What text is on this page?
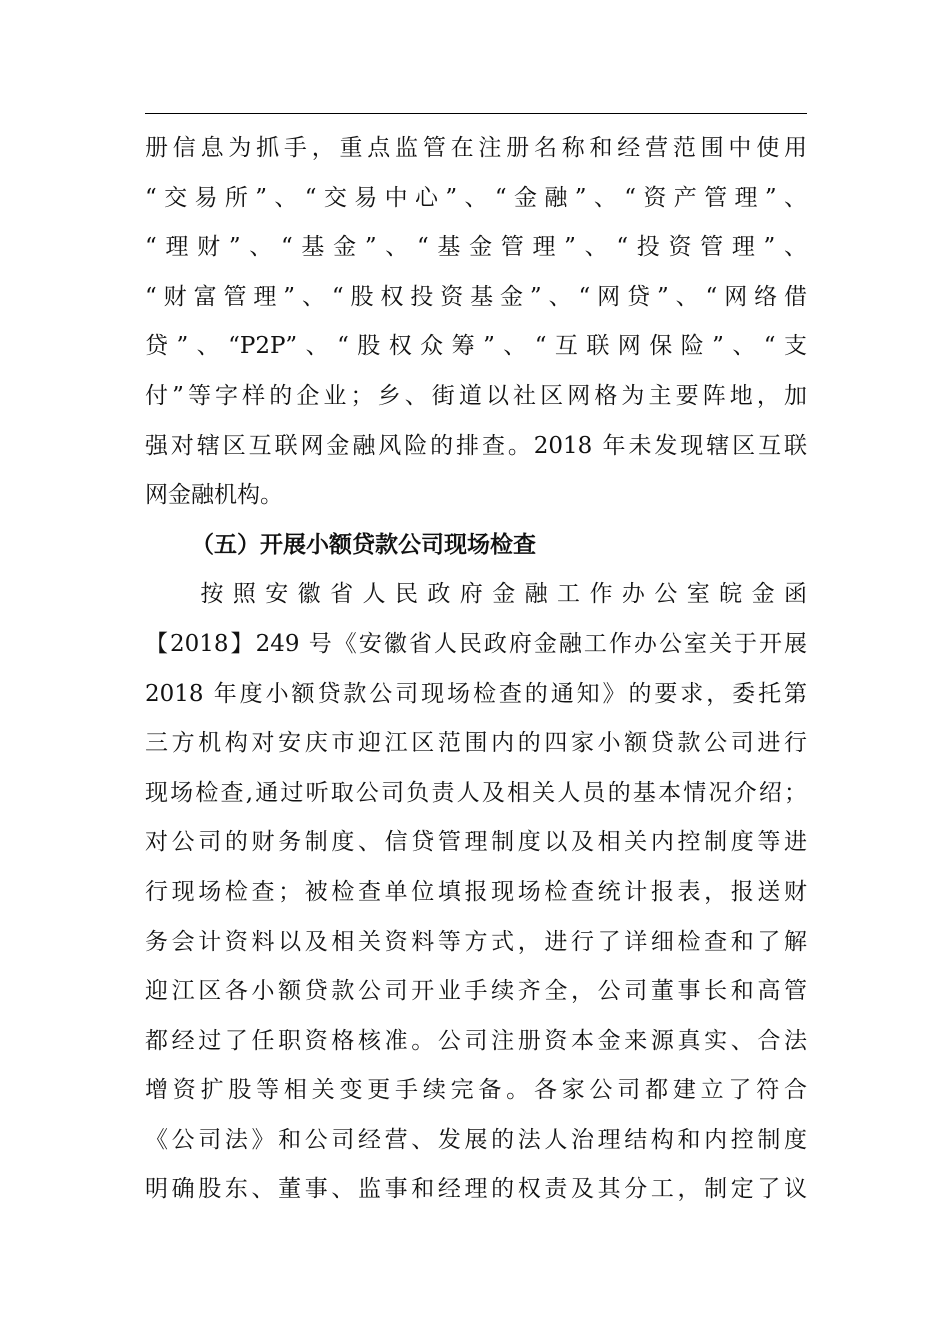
册信息为抓手，重点监管在注册名称和经营范围中使用
“交易所”、“交易中心”、“金融”、“资产管理”、
“理财”、“基金”、“基金管理”、“投资管理”、
“财富管理”、“股权投资基金”、“网贷”、“网络借
贷”、“P2P”、“股权众筹”、“互联网保险”、“支
付”等字样的企业；乡、街道以社区网格为主要阵地，加
强对辖区互联网金融风险的排查。2018 年未发现辖区互联
网金融机构。
（五）开展小额贷款公司现场检查
　按照安徽省人民政府金融工作办公室皖金函
【2018】249 号《安徽省人民政府金融工作办公室关于开展
2018 年度小额贷款公司现场检查的通知》的要求，委托第
三方机构对安庆市迎江区范围内的四家小额贷款公司进行
现场检查,通过听取公司负责人及相关人员的基本情况介绍；
对公司的财务制度、信贷管理制度以及相关内控制度等进
行现场检查；被检查单位填报现场检查统计报表，报送财
务会计资料以及相关资料等方式，进行了详细检查和了解
迎江区各小额贷款公司开业手续齐全，公司董事长和高管
都经过了任职资格核准。公司注册资本金来源真实、合法
增资扩股等相关变更手续完备。各家公司都建立了符合
《公司法》和公司经营、发展的法人治理结构和内控制度
明确股东、董事、监事和经理的权责及其分工，制定了议
